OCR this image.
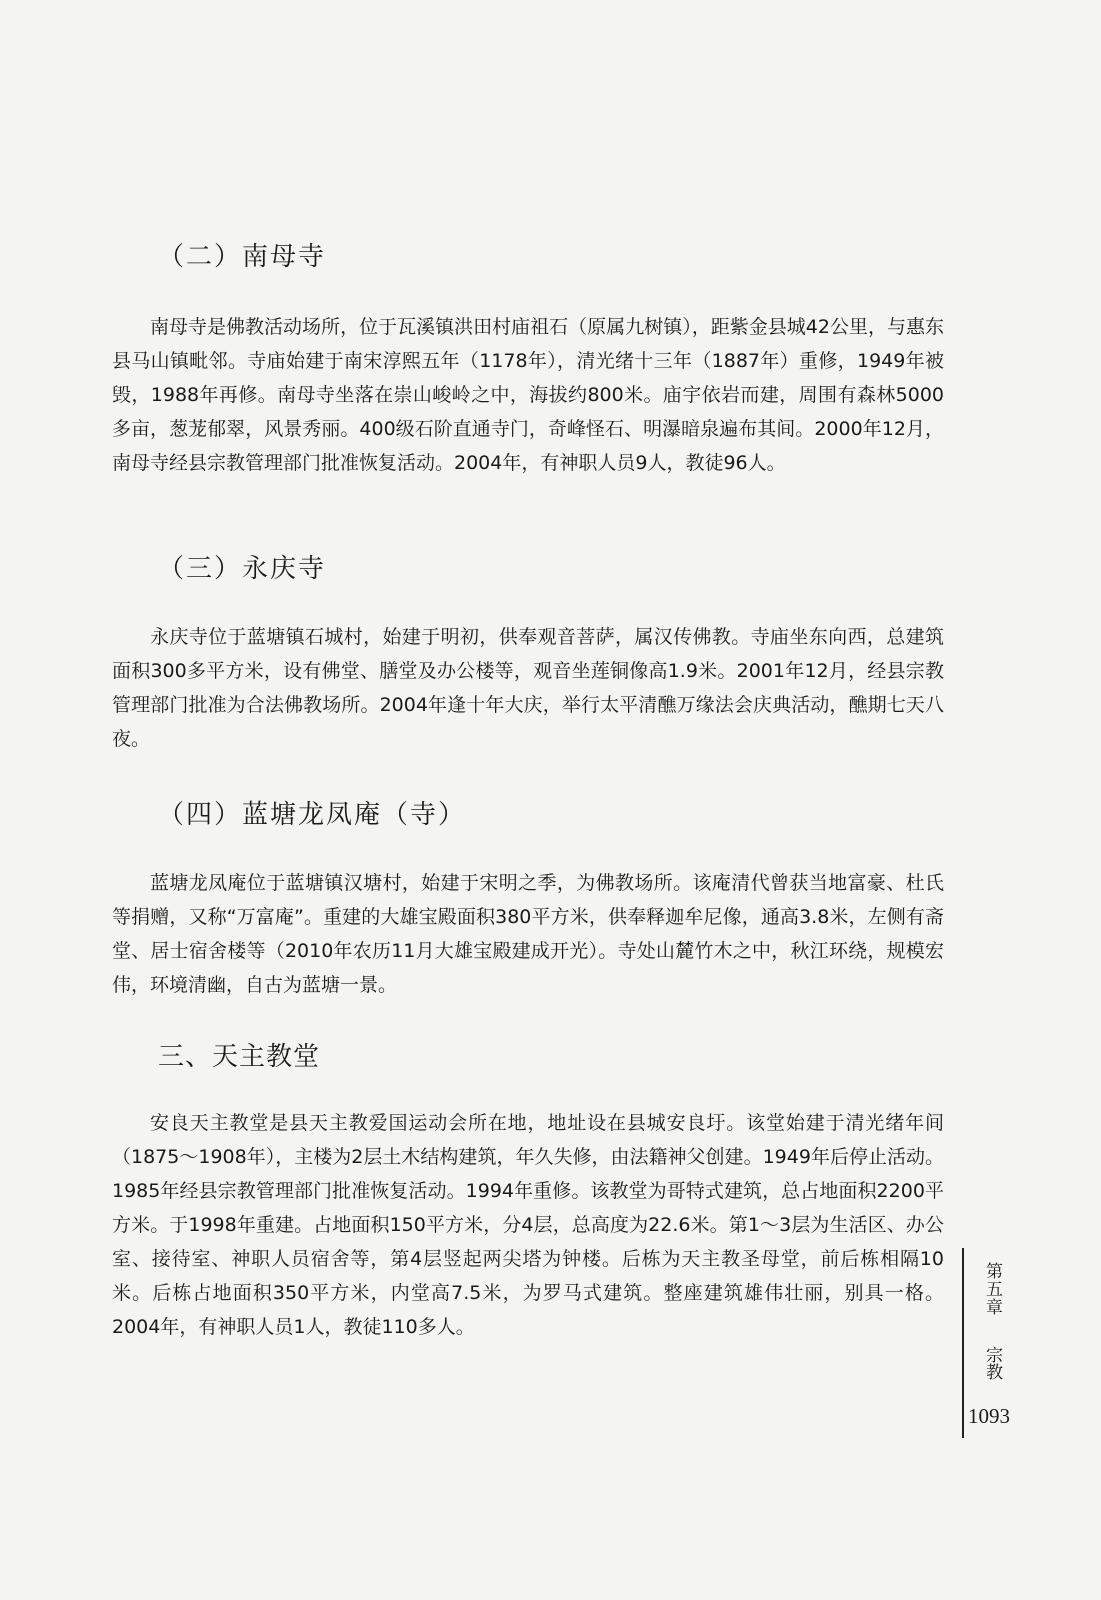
（二）南母寺
南母寺是佛教活动场所，位于瓦溪镇洪田村庙祖石（原属九树镇），距紫金县城42公里，与惠东县马山镇毗邻。寺庙始建于南宋淳熙五年（1178年），清光绪十三年（1887年）重修，1949年被毁，1988年再修。南母寺坐落在崇山峻岭之中，海拔约800米。庙宇依岩而建，周围有森林5000多亩，葱茏郁翠，风景秀丽。400级石阶直通寺门，奇峰怪石、明瀑暗泉遍布其间。2000年12月，南母寺经县宗教管理部门批准恢复活动。2004年，有神职人员9人，教徒96人。
（三）永庆寺
永庆寺位于蓝塘镇石城村，始建于明初，供奉观音菩萨，属汉传佛教。寺庙坐东向西，总建筑面积300多平方米，设有佛堂、膳堂及办公楼等，观音坐莲铜像高1.9米。2001年12月，经县宗教管理部门批准为合法佛教场所。2004年逢十年大庆，举行太平清醮万缘法会庆典活动，醮期七天八夜。
（四）蓝塘龙凤庵（寺）
蓝塘龙凤庵位于蓝塘镇汉塘村，始建于宋明之季，为佛教场所。该庵清代曾获当地富豪、杜氏等捐赠，又称“万富庵”。重建的大雄宝殿面积380平方米，供奉释迦牟尼像，通高3.8米，左侧有斋堂、居士宿舍楼等（2010年农历11月大雄宝殿建成开光）。寺处山麓竹木之中，秋江环绕，规模宏伟，环境清幽，自古为蓝塘一景。
三、天主教堂
安良天主教堂是县天主教爱国运动会所在地，地址设在县城安良圩。该堂始建于清光绪年间（1875～1908年），主楼为2层土木结构建筑，年久失修，由法籍神父创建。1949年后停止活动。1985年经县宗教管理部门批准恢复活动。1994年重修。该教堂为哥特式建筑，总占地面积2200平方米。于1998年重建。占地面积150平方米，分4层，总高度为22.6米。第1～3层为生活区、办公室、接待室、神职人员宿舍等，第4层竖起两尖塔为钟楼。后栋为天主教圣母堂，前后栋相隔10米。后栋占地面积350平方米，内堂高7.5米，为罗马式建筑。整座建筑雄伟壮丽，别具一格。2004年，有神职人员1人，教徒110多人。
第五章
宗教
1093
